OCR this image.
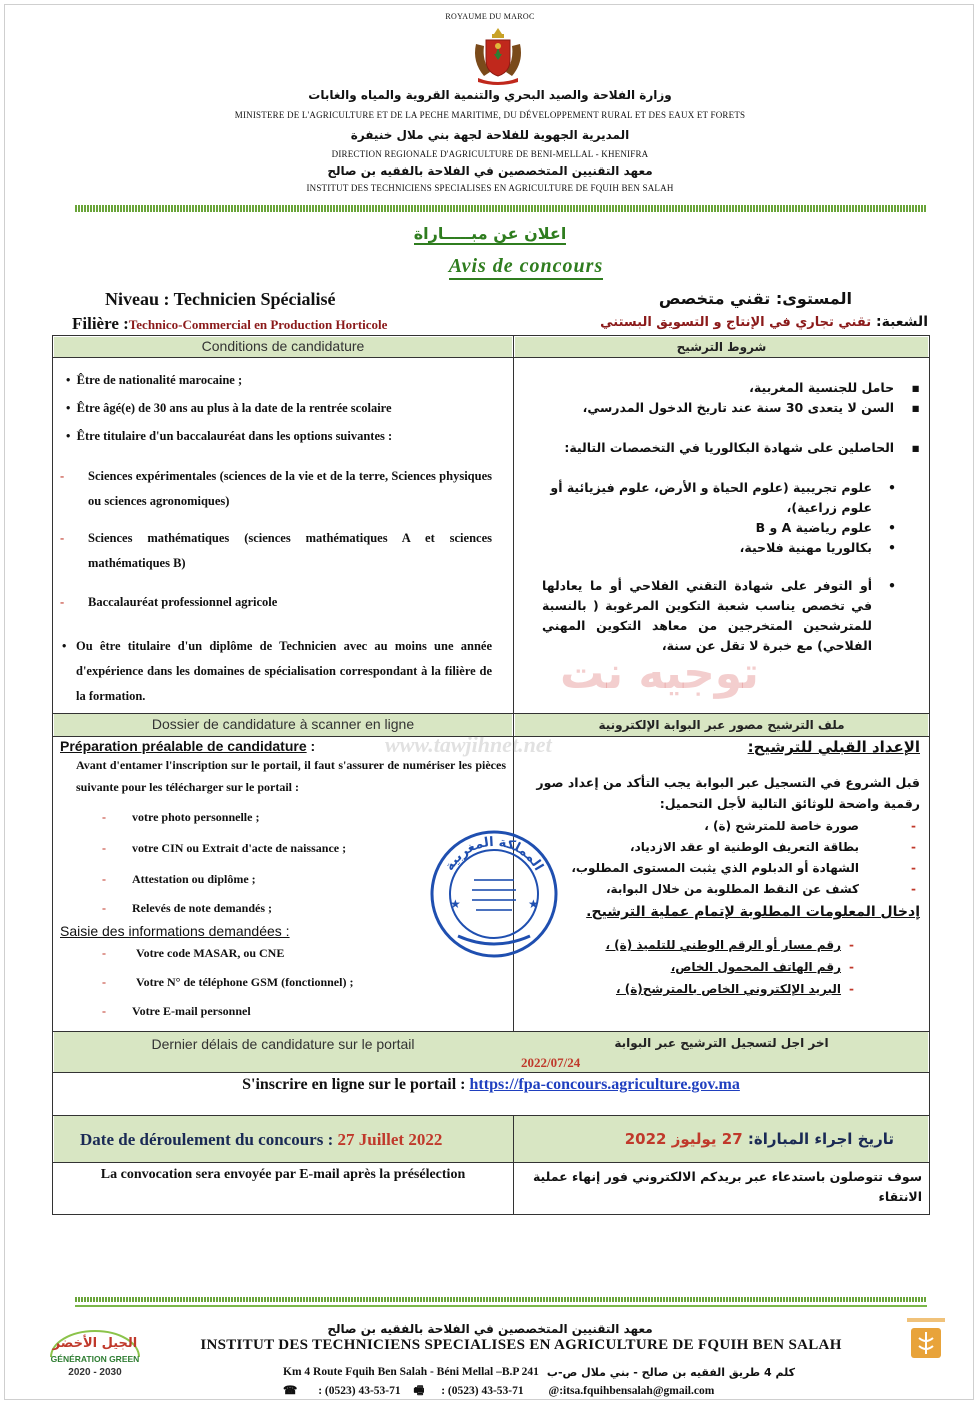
ROYAUME DU MAROC
وزارة الفلاحة والصيد البحري والتنمية القروية والمياه والغابات
MINISTERE DE L'AGRICULTURE ET DE LA PECHE MARITIME, DU DÉVELOPPEMENT RURAL ET DES EAUX ET FORETS
المديرية الجهوية للفلاحة لجهة بني ملال خنيفرة
DIRECTION REGIONALE D'AGRICULTURE DE BENI-MELLAL - KHENIFRA
معهد التقنيين المتخصصين في الفلاحة بالفقيه بن صالح
INSTITUT DES TECHNICIENS SPECIALISES EN AGRICULTURE DE FQUIH BEN SALAH
اعلان عن مبـــــاراة
Avis de concours
Niveau : Technicien Spécialisé	المستوى: تقني متخصص
Filière :Technico-Commercial en Production Horticole	الشعبة: تقني تجاري في الإنتاج و التسويق البستني
Conditions de candidature	شروط الترشيح
توجيه نت
www.tawjihnet.net
• Être de nationalité marocaine ;
• Être âgé(e) de 30 ans au plus à la date de la rentrée scolaire
• Être titulaire d'un baccalauréat dans les options suivantes :
- Sciences expérimentales (sciences de la vie et de la terre, Sciences physiques ou sciences agronomiques)
- Sciences mathématiques (sciences mathématiques A et sciences mathématiques B)
- Baccalauréat professionnel agricole
• Ou être titulaire d'un diplôme de Technicien avec au moins une année d'expérience dans les domaines de spécialisation correspondant à la filière de la formation.
▪    حامل للجنسية المغربية،
▪    السن لا يتعدى 30 سنة عند تاريخ الدخول المدرسي،
▪    الحاصلين على شهادة البكالوريا في التخصصات التالية:
•
علوم تجريبية (علوم الحياة و الأرض، علوم فيزيائية أو علوم زراعية)،
•
علوم رياضية A و B
•
بكالوريا مهنية فلاحية،
•
أو التوفر على شهادة التقني الفلاحي أو ما يعادلها في تخصص يناسب شعبة التكوين المرغوبة ( بالنسبة للمترشحين المتخرجين من معاهد التكوين المهني الفلاحي) مع خبرة لا تقل عن سنة،
Dossier de candidature à scanner en ligne	ملف الترشيح مصور عبر البوابة الإلكترونية
Préparation préalable de candidature :
Avant d'entamer l'inscription sur le portail, il faut s'assurer de numériser les pièces suivante pour les télécharger sur le portail :
- votre photo personnelle ;
- votre CIN ou Extrait d'acte de naissance ;
- Attestation ou diplôme ;
- Relevés de note demandés ;
Saisie des informations demandées :
-	Votre code MASAR, ou CNE
-	Votre N° de téléphone GSM (fonctionnel) ;
- Votre E-mail personnel
المملكة المغربية
★	★
الإعداد القبلي للترشيح:
قبل الشروع في التسجيل عبر البوابة يجب التأكد من إعداد صور رقمية واضحة للوثائق التالية لأجل التحميل:
-صورة خاصة للمترشح (ة) ،
-بطاقة التعريف الوطنية او عقد الازدياد،
-الشهادة أو الدبلوم الذي يثبت المستوى المطلوب،
-كشف عن النقط المطلوبة من خلال البوابة،
إدخال المعلومات المطلوبة لإتمام عملية الترشيح.
-رقم مسار أو الرقم الوطني للتلميذ (ة) ،
-رقم الهاتف المحمول الخاص،
-البريد الإلكتروني الخاص بالمترشح(ة) ،
Dernier délais de candidature sur le portail	اخر اجل لتسجيل الترشيح عبر البوابة
2022/07/24
S'inscrire en ligne sur le portail : https://fpa-concours.agriculture.gov.ma
Date de déroulement du concours : 27 Juillet 2022	تاريخ اجراء المباراة: 27 يوليوز 2022
La convocation sera envoyée par E-mail après la présélection	سوف تتوصلون باستدعاء عبر بريدكم الالكتروني فور إنهاء عملية الانتقاء
الجيل الأخضر
GÉNÉRATION GREEN
2020 - 2030
معهد التقنيين المتخصصين في الفلاحة بالفقيه بن صالح
INSTITUT DES TECHNICIENS SPECIALISES EN AGRICULTURE DE FQUIH BEN SALAH
Km 4 Route Fquih Ben Salah - Béni Mellal –B.P 241 كلم 4 طريق الفقيه بن صالح - بني ملال ص-ب
☎ : (0523) 43-53-71 🖷 : (0523) 43-53-71 @:itsa.fquihbensalah@gmail.com
